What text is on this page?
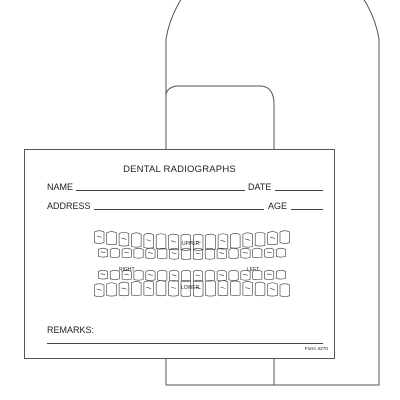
DENTAL RADIOGRAPHS
NAME	DATE
ADDRESS	AGE
UPPER
RIGHT	LEFT
LOWER
REMARKS:
Form 3270
